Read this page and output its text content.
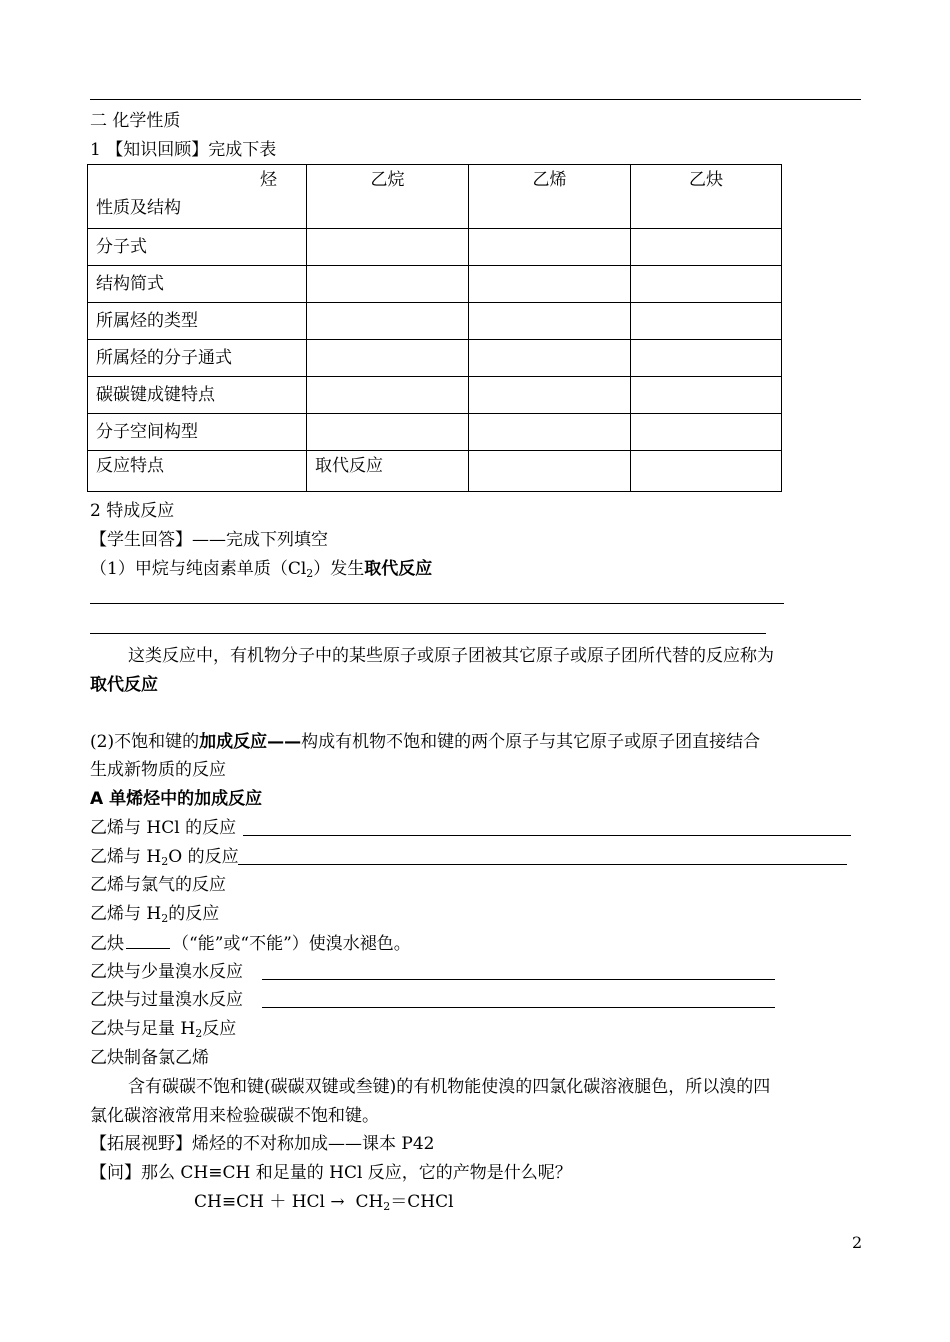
二 化学性质
1 【知识回顾】完成下表
烃
性质及结构	乙烷	乙烯	乙炔
分子式			
结构简式			
所属烃的类型			
所属烃的分子通式			
碳碳键成键特点			
分子空间构型			
反应特点	取代反应		
2 特成反应
【学生回答】——完成下列填空
（1）甲烷与纯卤素单质$(Cl_2)$发生取代反应
这类反应中，有机物分子中的某些原子或原子团被其它原子或原子团所代替的反应称为
取代反应
(2)不饱和键的加成反应——构成有机物不饱和键的两个原子与其它原子或原子团直接结合
生成新物质的反应
A 单烯烃中的加成反应
乙烯与 HCl 的反应
乙烯与 $H_2O$ 的反应
乙烯与氯气的反应
乙烯与 $H_2$的反应
乙炔	（“能”或“不能”）使溴水褪色。
乙炔与少量溴水反应
乙炔与过量溴水反应
乙炔与足量 $H_2$反应
乙炔制备氯乙烯
含有碳碳不饱和键(碳碳双键或叁键)的有机物能使溴的四氯化碳溶液腿色，所以溴的四
氯化碳溶液常用来检验碳碳不饱和键。
【拓展视野】烯烃的不对称加成——课本 P42
【问】那么 CH≡CH 和足量的 HCl 反应，它的产物是什么呢？
CH≡CH ＋ HCl → $CH_2=CHCl$
2
